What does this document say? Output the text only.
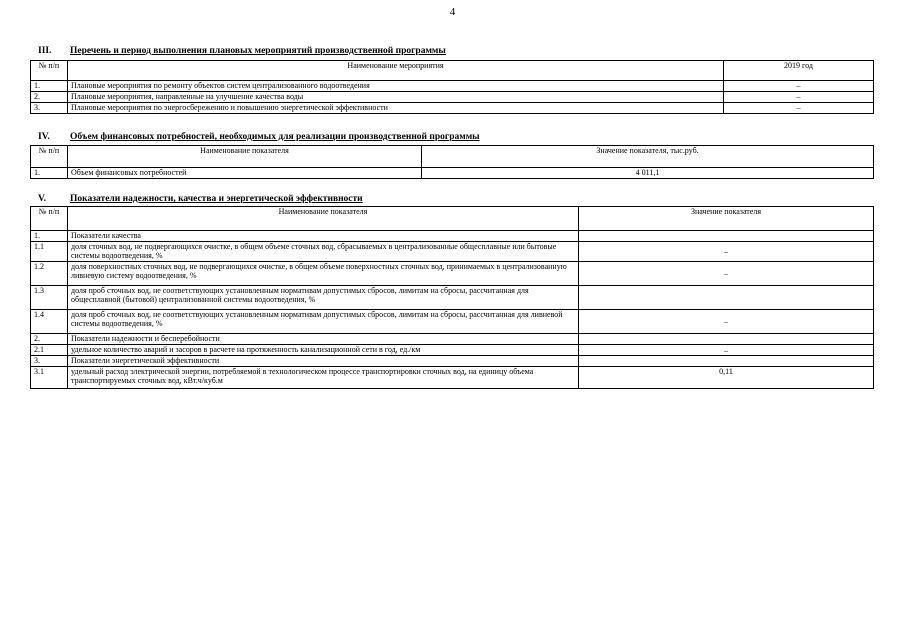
4
III. Перечень и период выполнения плановых мероприятий производственной программы
№ п/п	Наименование мероприятия	2019 год
1.	Плановые мероприятия по ремонту объектов систем централизованного водоотведения	–
2.	Плановые мероприятия, направленные на улучшение качества воды	–
3.	Плановые мероприятия по энергосбережению и повышению энергетической эффективности	–
IV. Объем финансовых потребностей, необходимых для реализации производственной программы
№ п/п	Наименование показателя	Значение показателя, тыс.руб.
1.	Объем финансовых потребностей	4 011,1
V.	Показатели надежности, качества и энергетической эффективности
№ п/п	Наименование показателя	Значение показателя
1.	Показатели качества	
1.1	доля сточных вод, не подвергающихся очистке, в общем объеме сточных вод, сбрасываемых в централизованные общесплавные или бытовые системы водоотведения, %	–
1.2	доля поверхностных сточных вод, не подвергающихся очистке, в общем объеме поверхностных сточных вод, принимаемых в централизованную ливневую систему водоотведения, %	–
1.3	доля проб сточных вод, не соответствующих установленным нормативам допустимых сбросов, лимитам на сбросы, рассчитанная для общесплавной (бытовой) централизованной системы водоотведения, %	
1.4	доля проб сточных вод, не соответствующих установленным нормативам допустимых сбросов, лимитам на сбросы, рассчитанная для ливневой системы водоотведения, %	–
2.	Показатели надежности и бесперебойности	
2.1	удельное количество аварий и засоров в расчете на протяженность канализационной сети в год, ед./км	–
3.	Показатели энергетической эффективности	
3.1	удельный расход электрической энергии, потребляемой в технологическом процессе транспортировки сточных вод, на единицу объема транспортируемых сточных вод, кВт.ч/куб.м	0,11
